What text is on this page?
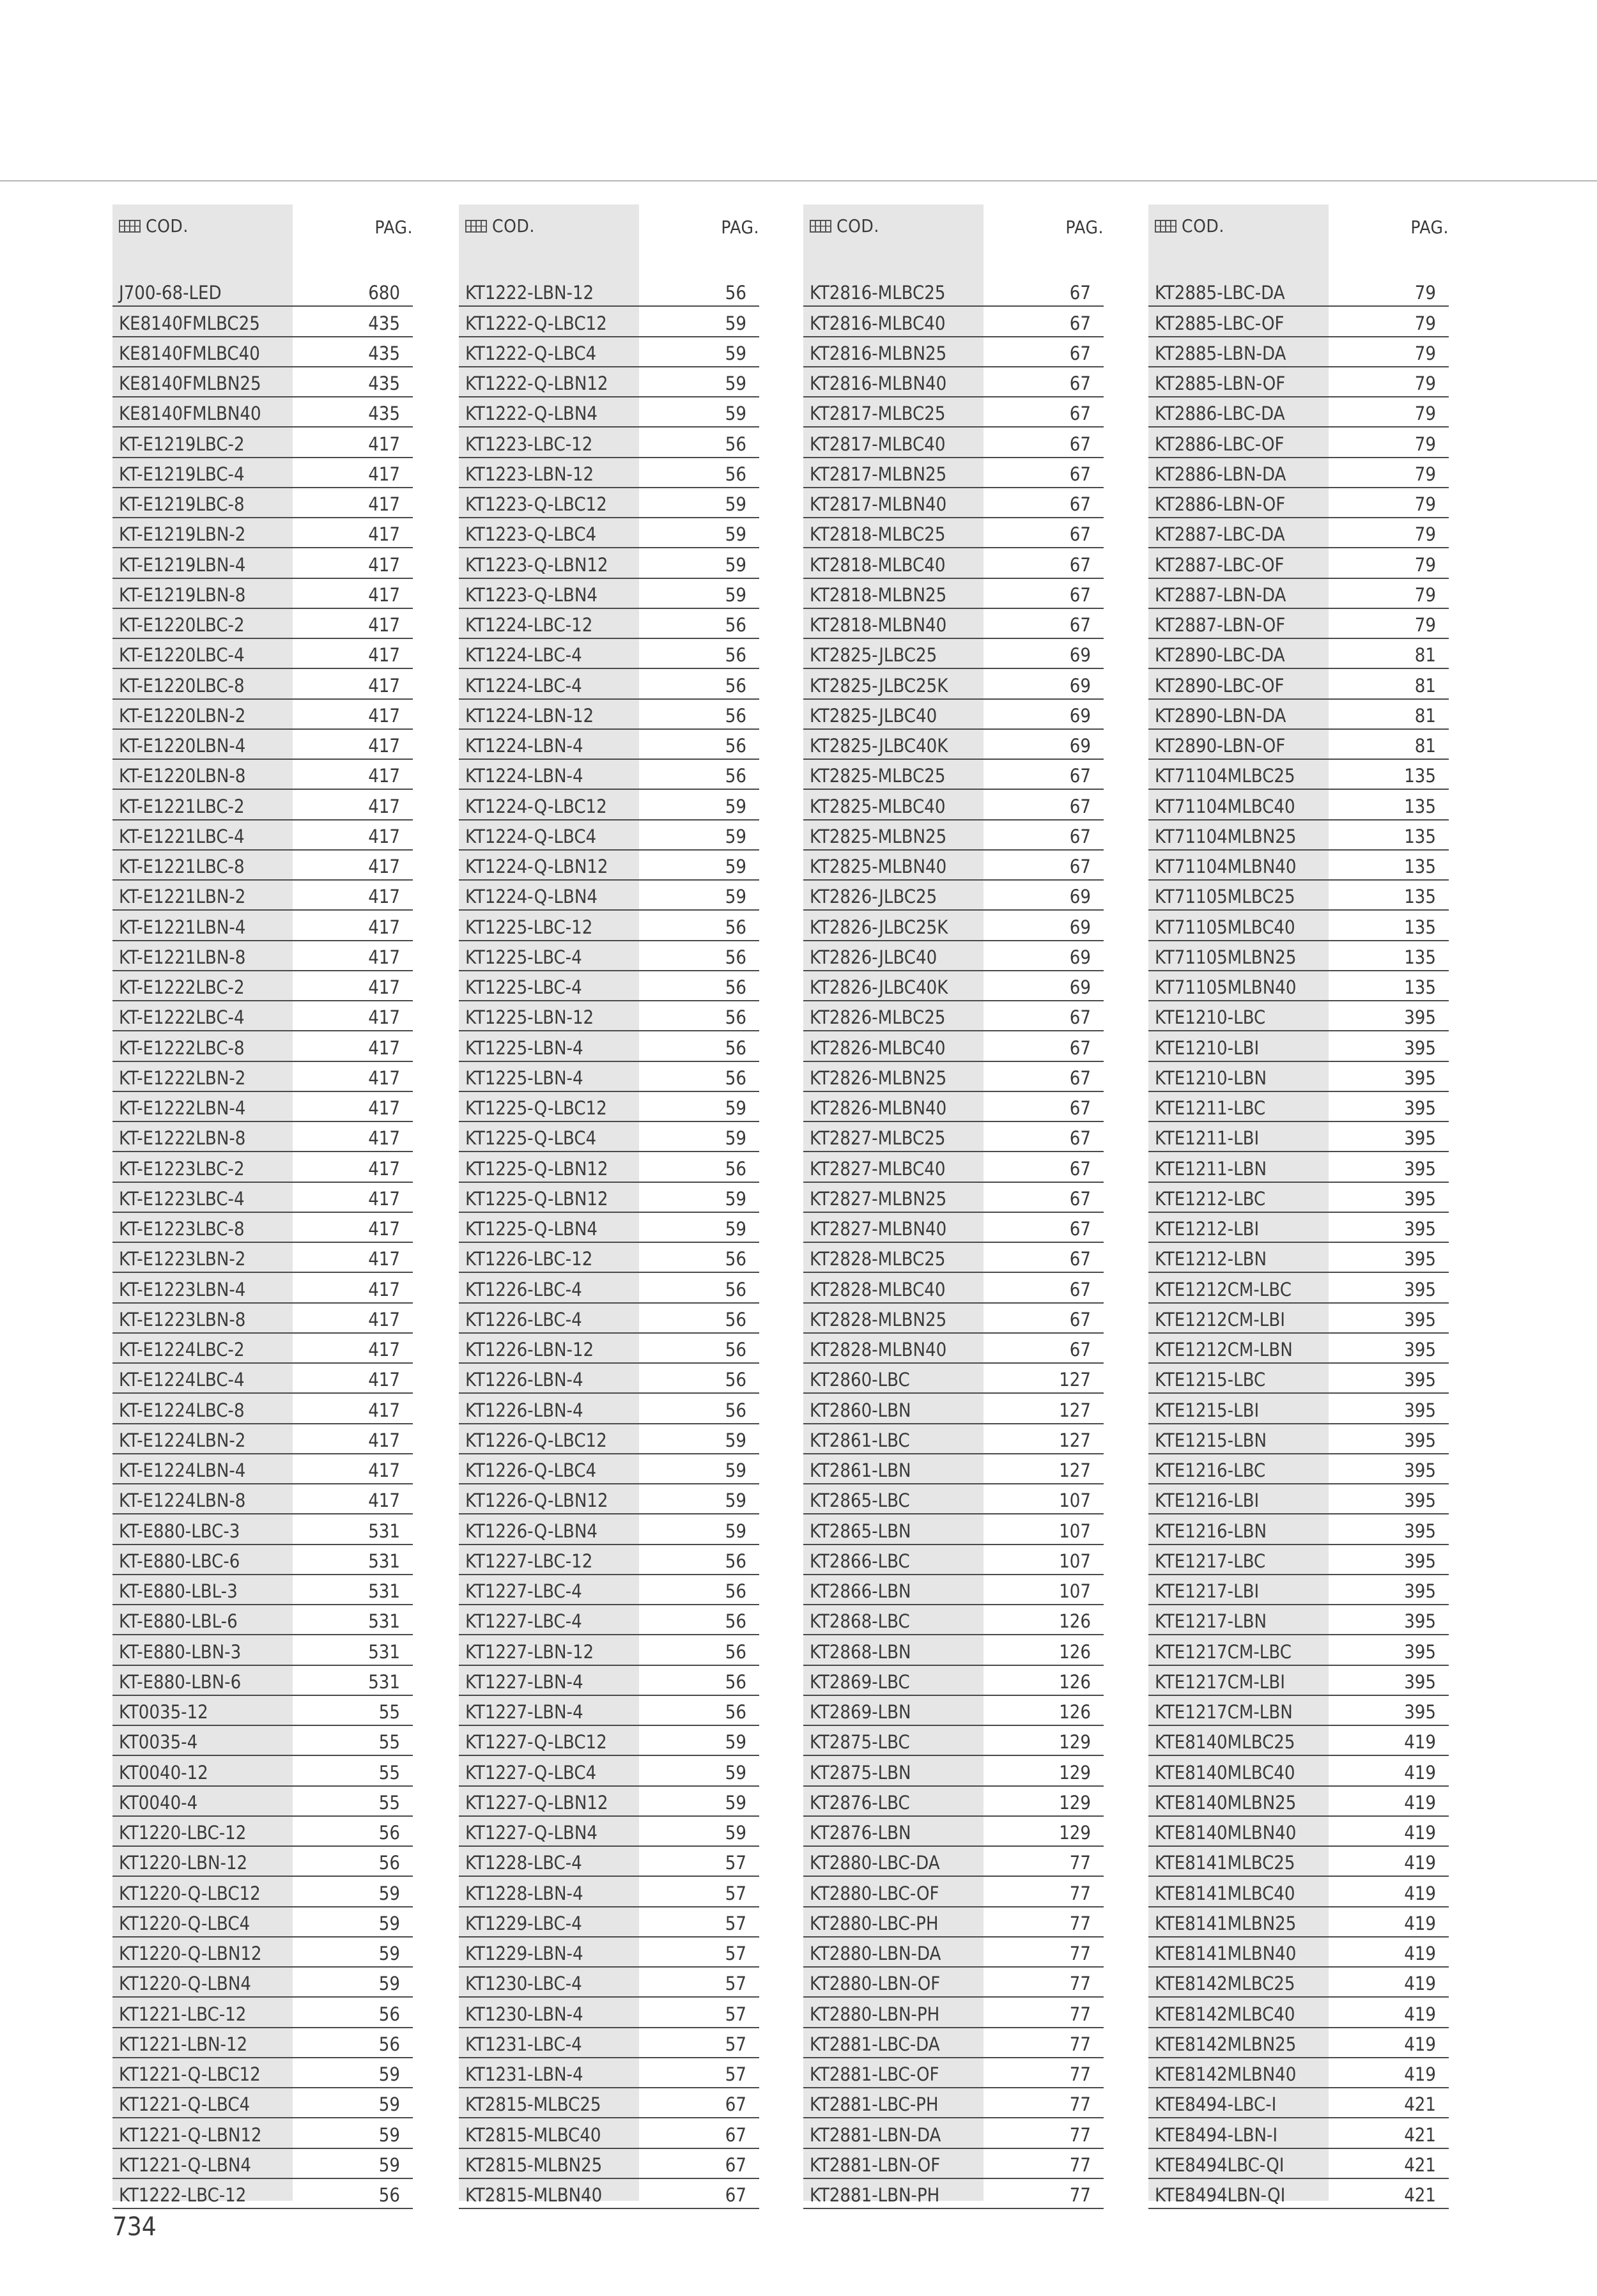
COD.	PAG.
J700-68-LED	680
KE8140FMLBC25	435
KE8140FMLBC40	435
KE8140FMLBN25	435
KE8140FMLBN40	435
KT-E1219LBC-2	417
KT-E1219LBC-4	417
KT-E1219LBC-8	417
KT-E1219LBN-2	417
KT-E1219LBN-4	417
KT-E1219LBN-8	417
KT-E1220LBC-2	417
KT-E1220LBC-4	417
KT-E1220LBC-8	417
KT-E1220LBN-2	417
KT-E1220LBN-4	417
KT-E1220LBN-8	417
KT-E1221LBC-2	417
KT-E1221LBC-4	417
KT-E1221LBC-8	417
KT-E1221LBN-2	417
KT-E1221LBN-4	417
KT-E1221LBN-8	417
KT-E1222LBC-2	417
KT-E1222LBC-4	417
KT-E1222LBC-8	417
KT-E1222LBN-2	417
KT-E1222LBN-4	417
KT-E1222LBN-8	417
KT-E1223LBC-2	417
KT-E1223LBC-4	417
KT-E1223LBC-8	417
KT-E1223LBN-2	417
KT-E1223LBN-4	417
KT-E1223LBN-8	417
KT-E1224LBC-2	417
KT-E1224LBC-4	417
KT-E1224LBC-8	417
KT-E1224LBN-2	417
KT-E1224LBN-4	417
KT-E1224LBN-8	417
KT-E880-LBC-3	531
KT-E880-LBC-6	531
KT-E880-LBL-3	531
KT-E880-LBL-6	531
KT-E880-LBN-3	531
KT-E880-LBN-6	531
KT0035-12	55
KT0035-4	55
KT0040-12	55
KT0040-4	55
KT1220-LBC-12	56
KT1220-LBN-12	56
KT1220-Q-LBC12	59
KT1220-Q-LBC4	59
KT1220-Q-LBN12	59
KT1220-Q-LBN4	59
KT1221-LBC-12	56
KT1221-LBN-12	56
KT1221-Q-LBC12	59
KT1221-Q-LBC4	59
KT1221-Q-LBN12	59
KT1221-Q-LBN4	59
KT1222-LBC-12	56
COD.	PAG.
KT1222-LBN-12	56
KT1222-Q-LBC12	59
KT1222-Q-LBC4	59
KT1222-Q-LBN12	59
KT1222-Q-LBN4	59
KT1223-LBC-12	56
KT1223-LBN-12	56
KT1223-Q-LBC12	59
KT1223-Q-LBC4	59
KT1223-Q-LBN12	59
KT1223-Q-LBN4	59
KT1224-LBC-12	56
KT1224-LBC-4	56
KT1224-LBC-4	56
KT1224-LBN-12	56
KT1224-LBN-4	56
KT1224-LBN-4	56
KT1224-Q-LBC12	59
KT1224-Q-LBC4	59
KT1224-Q-LBN12	59
KT1224-Q-LBN4	59
KT1225-LBC-12	56
KT1225-LBC-4	56
KT1225-LBC-4	56
KT1225-LBN-12	56
KT1225-LBN-4	56
KT1225-LBN-4	56
KT1225-Q-LBC12	59
KT1225-Q-LBC4	59
KT1225-Q-LBN12	56
KT1225-Q-LBN12	59
KT1225-Q-LBN4	59
KT1226-LBC-12	56
KT1226-LBC-4	56
KT1226-LBC-4	56
KT1226-LBN-12	56
KT1226-LBN-4	56
KT1226-LBN-4	56
KT1226-Q-LBC12	59
KT1226-Q-LBC4	59
KT1226-Q-LBN12	59
KT1226-Q-LBN4	59
KT1227-LBC-12	56
KT1227-LBC-4	56
KT1227-LBC-4	56
KT1227-LBN-12	56
KT1227-LBN-4	56
KT1227-LBN-4	56
KT1227-Q-LBC12	59
KT1227-Q-LBC4	59
KT1227-Q-LBN12	59
KT1227-Q-LBN4	59
KT1228-LBC-4	57
KT1228-LBN-4	57
KT1229-LBC-4	57
KT1229-LBN-4	57
KT1230-LBC-4	57
KT1230-LBN-4	57
KT1231-LBC-4	57
KT1231-LBN-4	57
KT2815-MLBC25	67
KT2815-MLBC40	67
KT2815-MLBN25	67
KT2815-MLBN40	67
COD.	PAG.
KT2816-MLBC25	67
KT2816-MLBC40	67
KT2816-MLBN25	67
KT2816-MLBN40	67
KT2817-MLBC25	67
KT2817-MLBC40	67
KT2817-MLBN25	67
KT2817-MLBN40	67
KT2818-MLBC25	67
KT2818-MLBC40	67
KT2818-MLBN25	67
KT2818-MLBN40	67
KT2825-JLBC25	69
KT2825-JLBC25K	69
KT2825-JLBC40	69
KT2825-JLBC40K	69
KT2825-MLBC25	67
KT2825-MLBC40	67
KT2825-MLBN25	67
KT2825-MLBN40	67
KT2826-JLBC25	69
KT2826-JLBC25K	69
KT2826-JLBC40	69
KT2826-JLBC40K	69
KT2826-MLBC25	67
KT2826-MLBC40	67
KT2826-MLBN25	67
KT2826-MLBN40	67
KT2827-MLBC25	67
KT2827-MLBC40	67
KT2827-MLBN25	67
KT2827-MLBN40	67
KT2828-MLBC25	67
KT2828-MLBC40	67
KT2828-MLBN25	67
KT2828-MLBN40	67
KT2860-LBC	127
KT2860-LBN	127
KT2861-LBC	127
KT2861-LBN	127
KT2865-LBC	107
KT2865-LBN	107
KT2866-LBC	107
KT2866-LBN	107
KT2868-LBC	126
KT2868-LBN	126
KT2869-LBC	126
KT2869-LBN	126
KT2875-LBC	129
KT2875-LBN	129
KT2876-LBC	129
KT2876-LBN	129
KT2880-LBC-DA	77
KT2880-LBC-OF	77
KT2880-LBC-PH	77
KT2880-LBN-DA	77
KT2880-LBN-OF	77
KT2880-LBN-PH	77
KT2881-LBC-DA	77
KT2881-LBC-OF	77
KT2881-LBC-PH	77
KT2881-LBN-DA	77
KT2881-LBN-OF	77
KT2881-LBN-PH	77
COD.	PAG.
KT2885-LBC-DA	79
KT2885-LBC-OF	79
KT2885-LBN-DA	79
KT2885-LBN-OF	79
KT2886-LBC-DA	79
KT2886-LBC-OF	79
KT2886-LBN-DA	79
KT2886-LBN-OF	79
KT2887-LBC-DA	79
KT2887-LBC-OF	79
KT2887-LBN-DA	79
KT2887-LBN-OF	79
KT2890-LBC-DA	81
KT2890-LBC-OF	81
KT2890-LBN-DA	81
KT2890-LBN-OF	81
KT71104MLBC25	135
KT71104MLBC40	135
KT71104MLBN25	135
KT71104MLBN40	135
KT71105MLBC25	135
KT71105MLBC40	135
KT71105MLBN25	135
KT71105MLBN40	135
KTE1210-LBC	395
KTE1210-LBI	395
KTE1210-LBN	395
KTE1211-LBC	395
KTE1211-LBI	395
KTE1211-LBN	395
KTE1212-LBC	395
KTE1212-LBI	395
KTE1212-LBN	395
KTE1212CM-LBC	395
KTE1212CM-LBI	395
KTE1212CM-LBN	395
KTE1215-LBC	395
KTE1215-LBI	395
KTE1215-LBN	395
KTE1216-LBC	395
KTE1216-LBI	395
KTE1216-LBN	395
KTE1217-LBC	395
KTE1217-LBI	395
KTE1217-LBN	395
KTE1217CM-LBC	395
KTE1217CM-LBI	395
KTE1217CM-LBN	395
KTE8140MLBC25	419
KTE8140MLBC40	419
KTE8140MLBN25	419
KTE8140MLBN40	419
KTE8141MLBC25	419
KTE8141MLBC40	419
KTE8141MLBN25	419
KTE8141MLBN40	419
KTE8142MLBC25	419
KTE8142MLBC40	419
KTE8142MLBN25	419
KTE8142MLBN40	419
KTE8494-LBC-I	421
KTE8494-LBN-I	421
KTE8494LBC-QI	421
KTE8494LBN-QI	421
734
